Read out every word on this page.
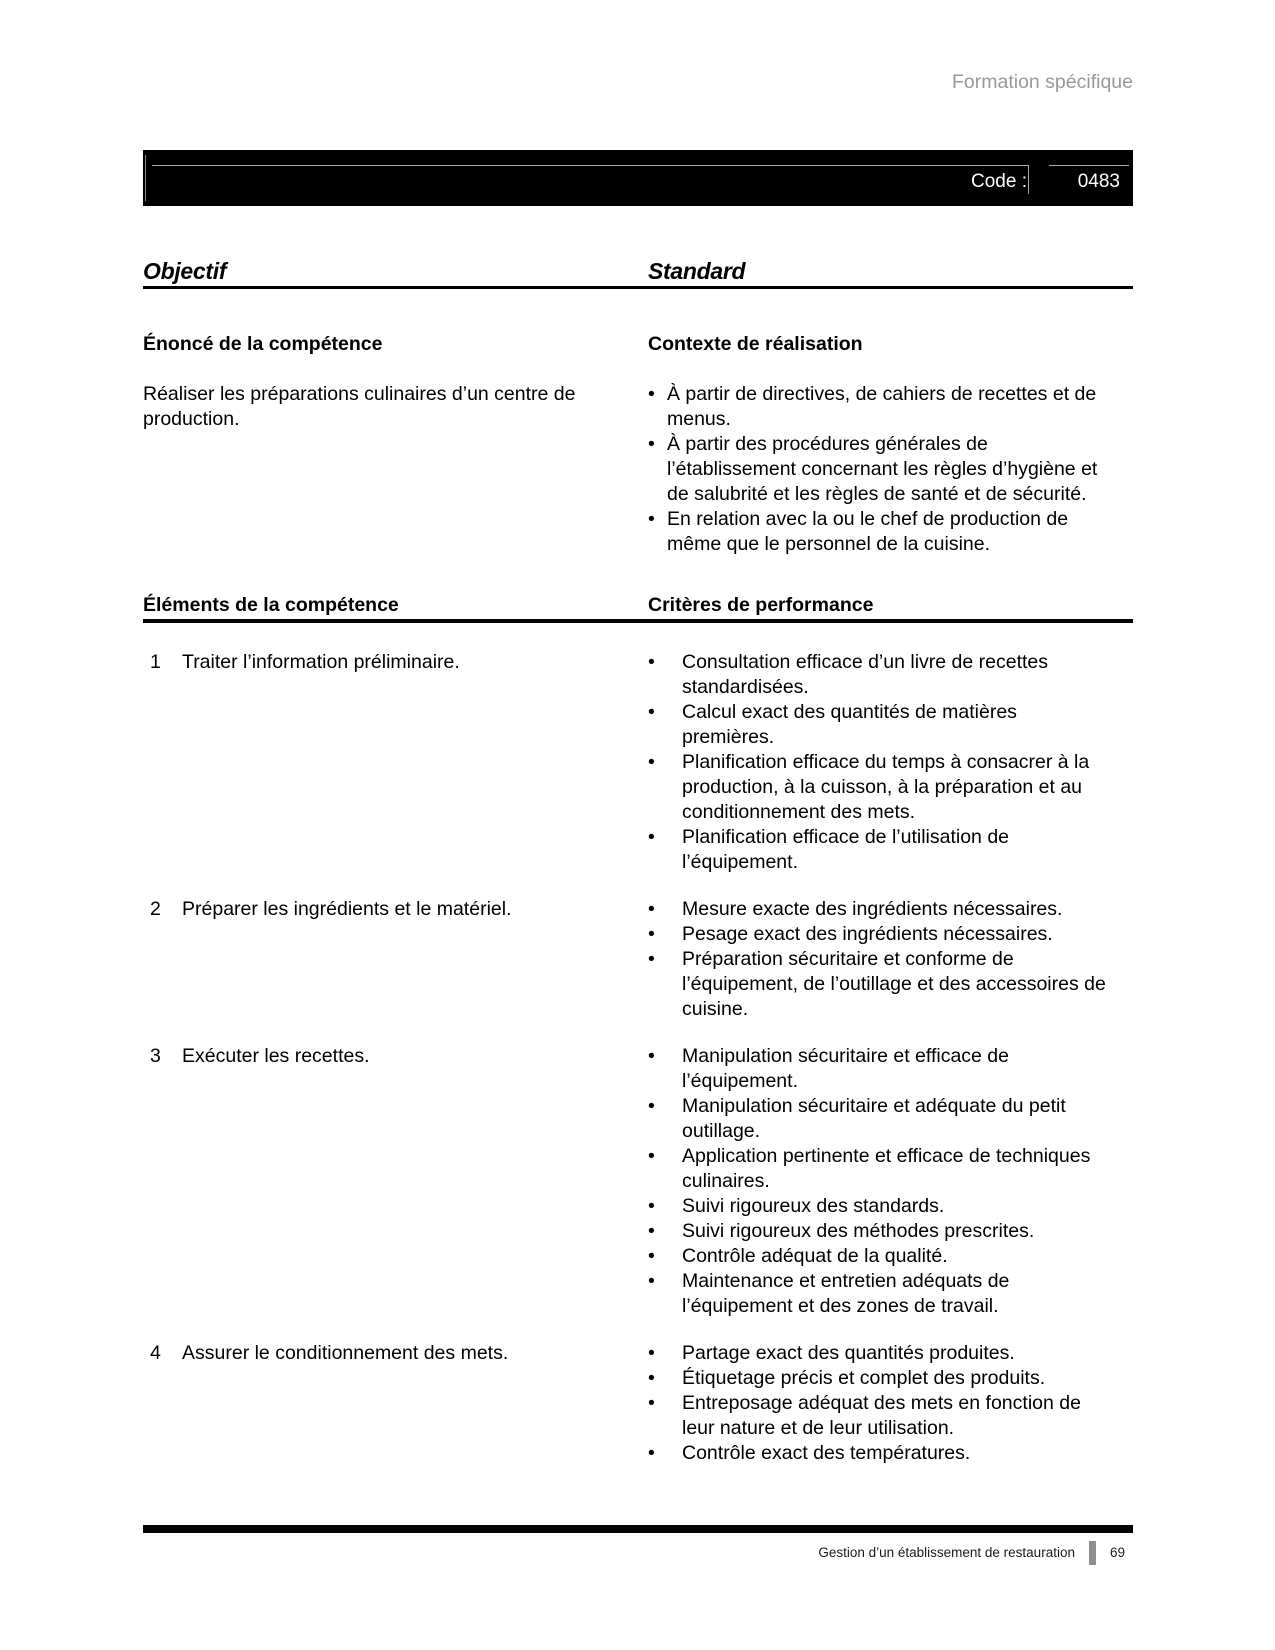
Formation spécifique
Code :	0483
Objectif	Standard
Énoncé de la compétence	Contexte de réalisation
Réaliser les préparations culinaires d’un centre de production.
• À partir de directives, de cahiers de recettes et de menus.
• À partir des procédures générales de l’établissement concernant les règles d’hygiène et de salubrité et les règles de santé et de sécurité.
• En relation avec la ou le chef de production de même que le personnel de la cuisine.
Éléments de la compétence	Critères de performance
1	Traiter l’information préliminaire.	• Consultation efficace d’un livre de recettes standardisées.
• Calcul exact des quantités de matières premières.
• Planification efficace du temps à consacrer à la production, à la cuisson, à la préparation et au conditionnement des mets.
• Planification efficace de l’utilisation de l’équipement.
2	Préparer les ingrédients et le matériel.	• Mesure exacte des ingrédients nécessaires.
• Pesage exact des ingrédients nécessaires.
• Préparation sécuritaire et conforme de l’équipement, de l’outillage et des accessoires de cuisine.
3	Exécuter les recettes.	• Manipulation sécuritaire et efficace de l’équipement.
• Manipulation sécuritaire et adéquate du petit outillage.
• Application pertinente et efficace de techniques culinaires.
• Suivi rigoureux des standards.
• Suivi rigoureux des méthodes prescrites.
• Contrôle adéquat de la qualité.
• Maintenance et entretien adéquats de l’équipement et des zones de travail.
4	Assurer le conditionnement des mets.	• Partage exact des quantités produites.
• Étiquetage précis et complet des produits.
• Entreposage adéquat des mets en fonction de leur nature et de leur utilisation.
• Contrôle exact des températures.
Gestion d’un établissement de restauration	69
